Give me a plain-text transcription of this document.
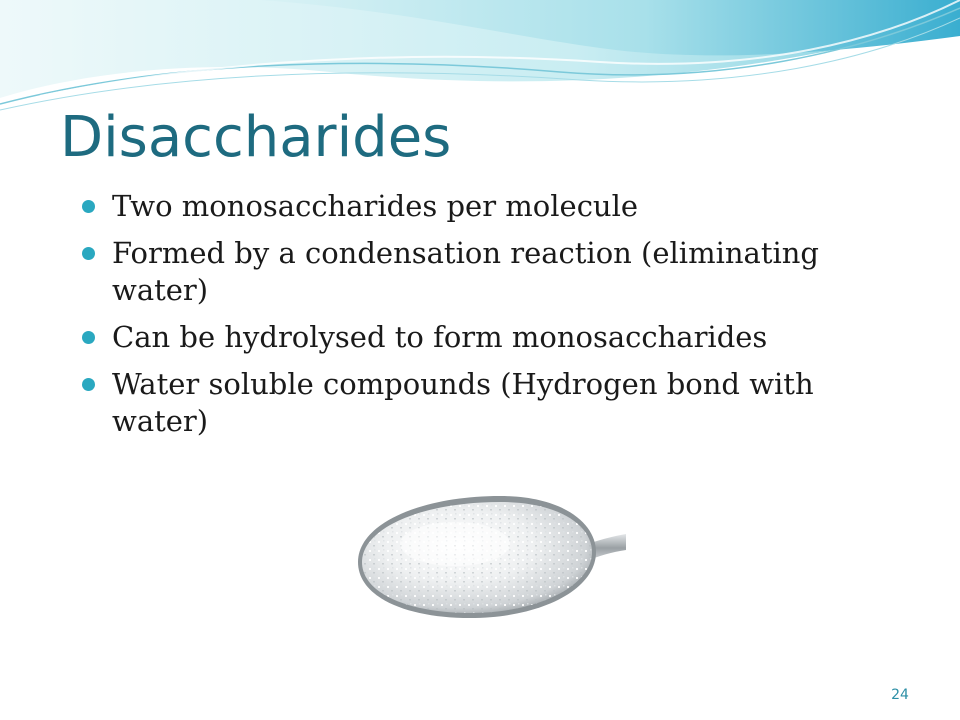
Disaccharides
Two monosaccharides per molecule
Formed by a condensation reaction (eliminating water)
Can be hydrolysed to form monosaccharides
Water soluble compounds (Hydrogen bond with water)
24
